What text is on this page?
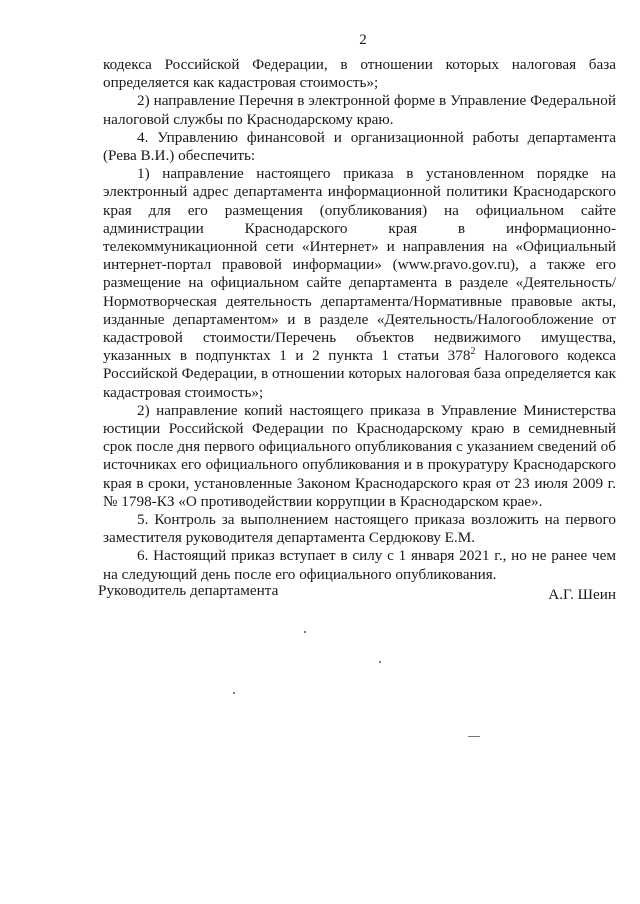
2

кодекса Российской Федерации, в отношении которых налоговая база определяется как кадастровая стоимость»;

2) направление Перечня в электронной форме в Управление Федеральной налоговой службы по Краснодарскому краю.

4. Управлению финансовой и организационной работы департамента (Рева В.И.) обеспечить:

1) направление настоящего приказа в установленном порядке на электронный адрес департамента информационной политики Краснодарского края для его размещения (опубликования) на официальном сайте администрации Краснодарского края в информационно-телекоммуникационной сети «Интернет» и направления на «Официальный интернет-портал правовой информации» (www.pravo.gov.ru), а также его размещение на официальном сайте департамента в разделе «Деятельность/Нормотворческая деятельность департамента/Нормативные правовые акты, изданные департаментом» и в разделе «Деятельность/Налогообложение от кадастровой стоимости/Перечень объектов недвижимого имущества, указанных в подпунктах 1 и 2 пункта 1 статьи $378^2$ Налогового кодекса Российской Федерации, в отношении которых налоговая база определяется как кадастровая стоимость»;

2) направление копий настоящего приказа в Управление Министерства юстиции Российской Федерации по Краснодарскому краю в семидневный срок после дня первого официального опубликования с указанием сведений об источниках его официального опубликования и в прокуратуру Краснодарского края в сроки, установленные Законом Краснодарского края от 23 июля 2009 г. № 1798-КЗ «О противодействии коррупции в Краснодарском крае».

5. Контроль за выполнением настоящего приказа возложить на первого заместителя руководителя департамента Сердюкову Е.М.

6. Настоящий приказ вступает в силу с 1 января 2021 г., но не ранее чем на следующий день после его официального опубликования.

Руководитель департамента	А.Г. Шеин
